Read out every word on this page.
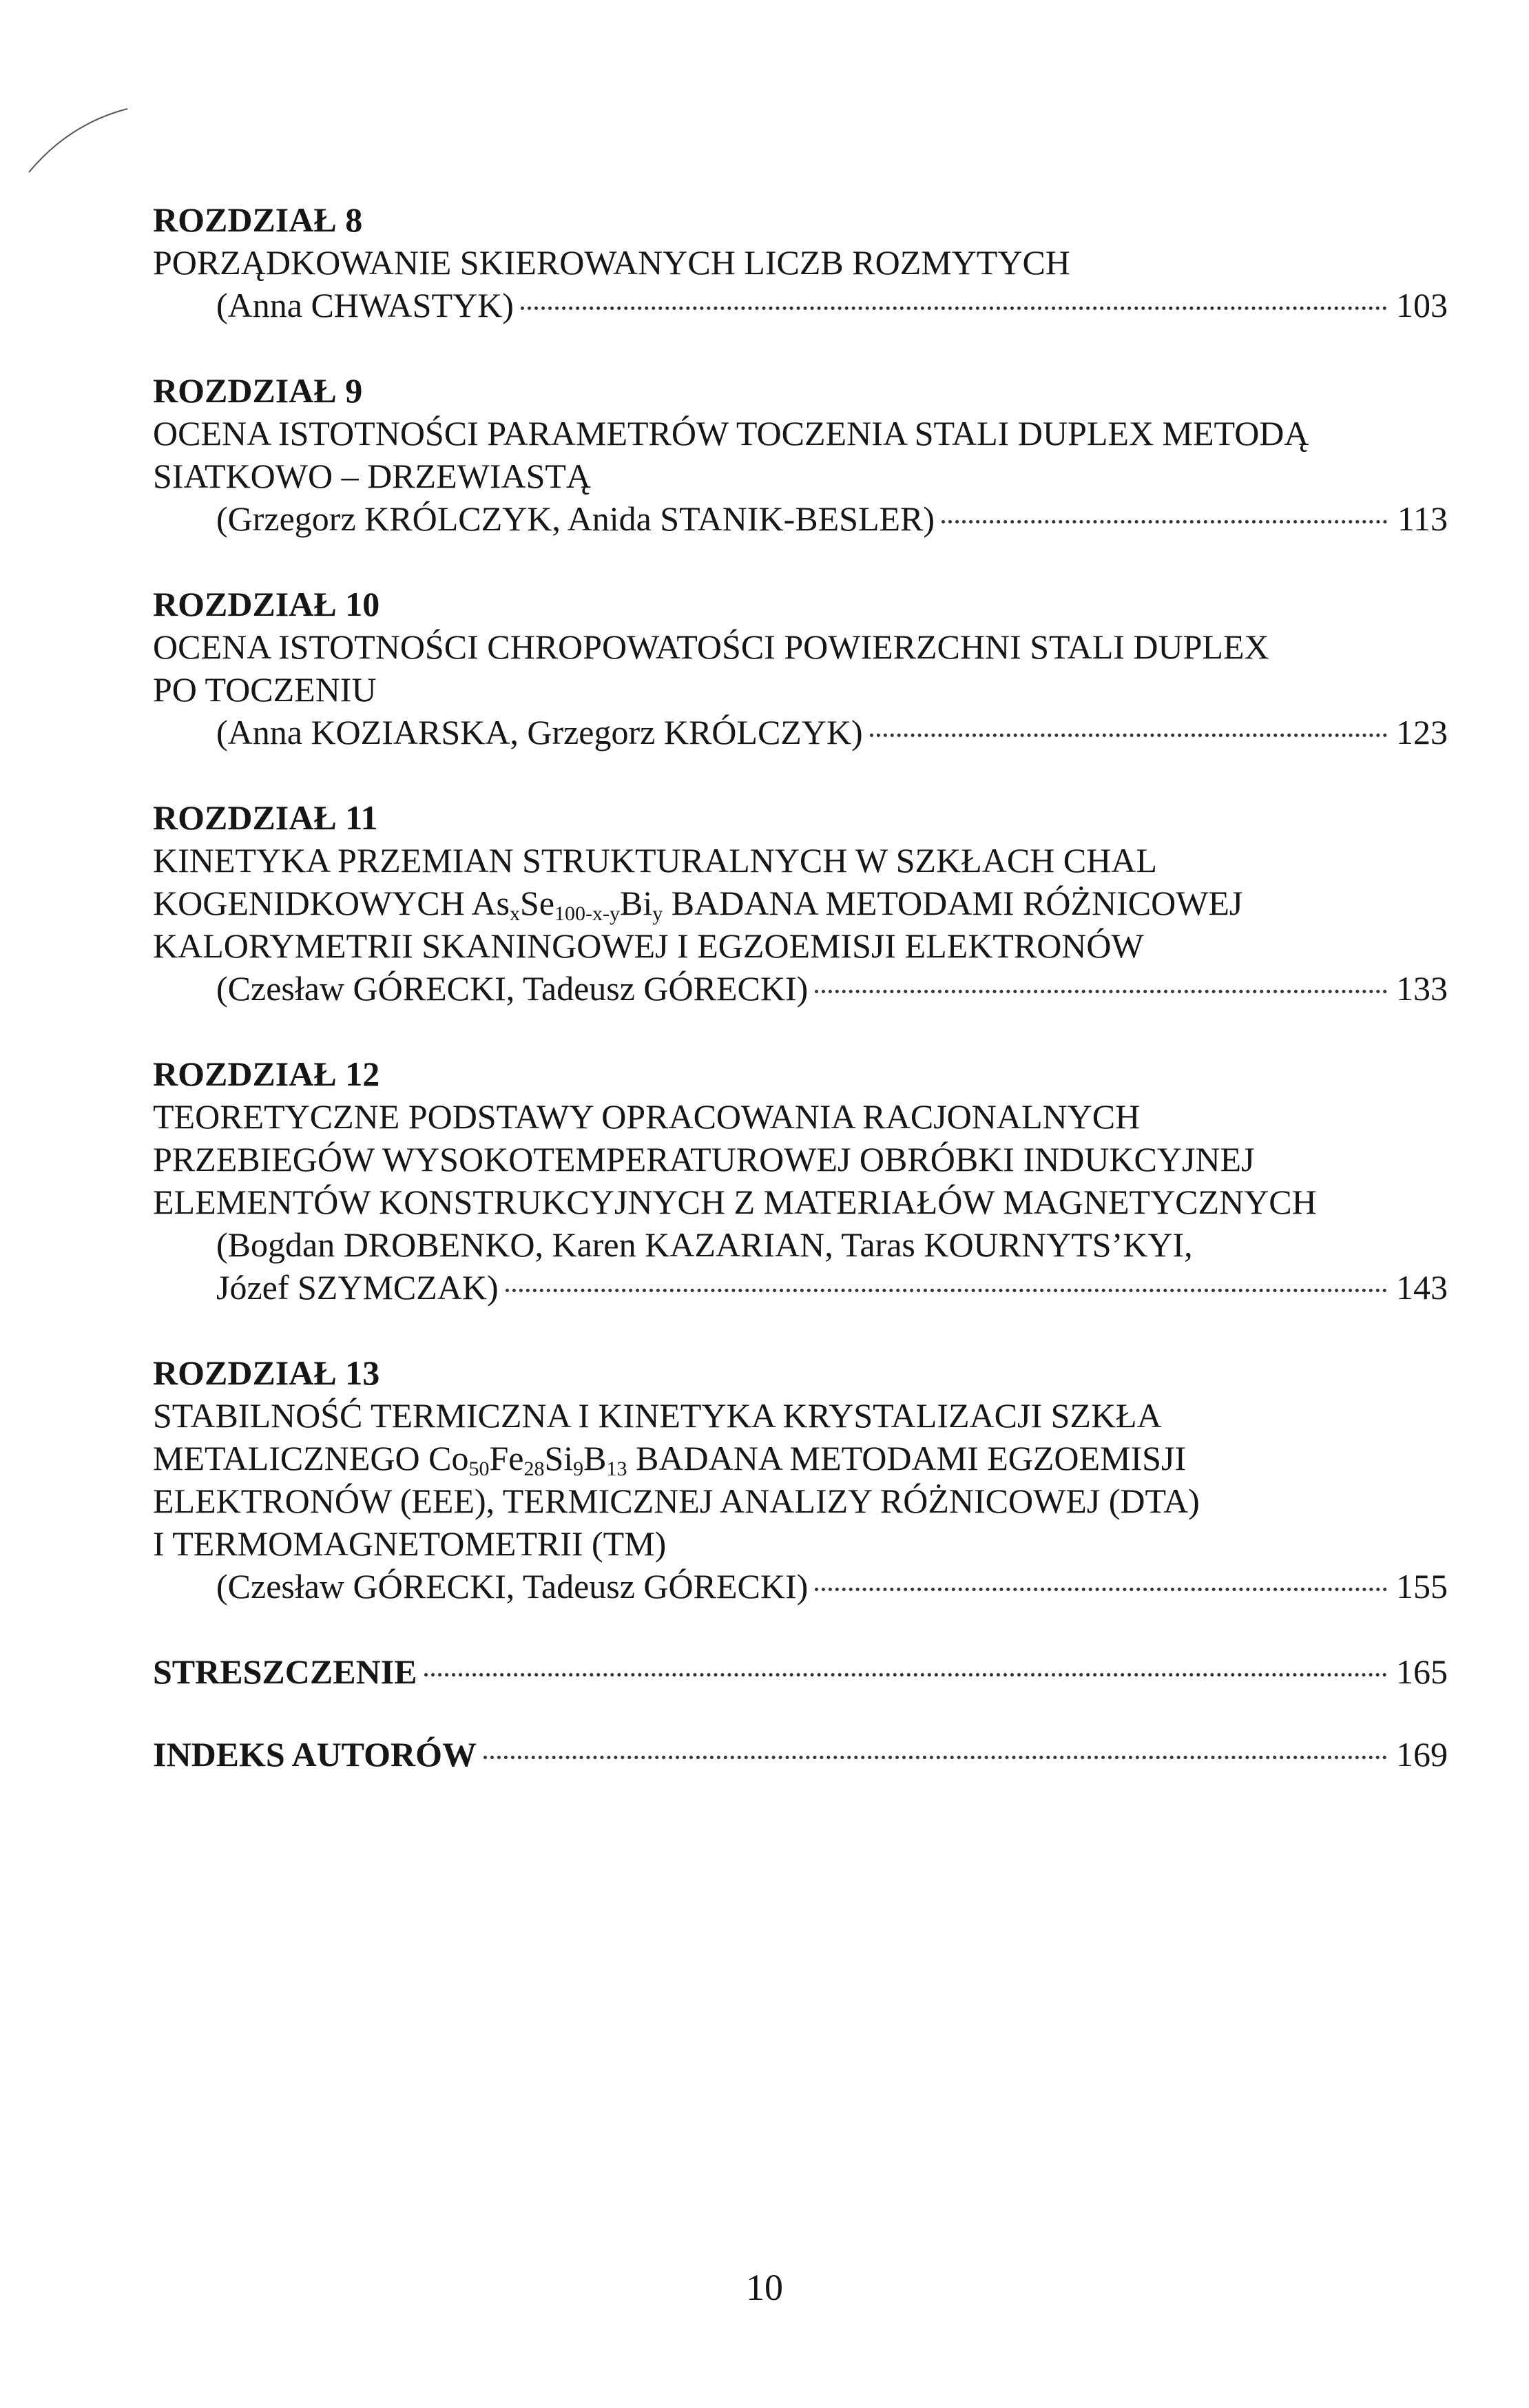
ROZDZIAŁ 8
PORZĄDKOWANIE SKIEROWANYCH LICZB ROZMYTYCH
(Anna CHWASTYK)	103
ROZDZIAŁ 9
OCENA ISTOTNOŚCI PARAMETRÓW TOCZENIA STALI DUPLEX METODĄ
SIATKOWO – DRZEWIASTĄ
(Grzegorz KRÓLCZYK, Anida STANIK-BESLER)	113
ROZDZIAŁ 10
OCENA ISTOTNOŚCI CHROPOWATOŚCI POWIERZCHNI STALI DUPLEX
PO TOCZENIU
(Anna KOZIARSKA, Grzegorz KRÓLCZYK)	123
ROZDZIAŁ 11
KINETYKA PRZEMIAN STRUKTURALNYCH W SZKŁACH CHAL
KOGENIDKOWYCH $As_xSe_{100-x-y}Bi_y$ BADANA METODAMI RÓŻNICOWEJ
KALORYMETRII SKANINGOWEJ I EGZOEMISJI ELEKTRONÓW
(Czesław GÓRECKI, Tadeusz GÓRECKI)	133
ROZDZIAŁ 12
TEORETYCZNE PODSTAWY OPRACOWANIA RACJONALNYCH
PRZEBIEGÓW WYSOKOTEMPERATUROWEJ OBRÓBKI INDUKCYJNEJ
ELEMENTÓW KONSTRUKCYJNYCH Z MATERIAŁÓW MAGNETYCZNYCH
(Bogdan DROBENKO, Karen KAZARIAN, Taras KOURNYTS’KYI,
Józef SZYMCZAK)	143
ROZDZIAŁ 13
STABILNOŚĆ TERMICZNA I KINETYKA KRYSTALIZACJI SZKŁA
METALICZNEGO $Co_{50}Fe_{28}Si_9B_{13}$ BADANA METODAMI EGZOEMISJI
ELEKTRONÓW (EEE), TERMICZNEJ ANALIZY RÓŻNICOWEJ (DTA)
I TERMOMAGNETOMETRII (TM)
(Czesław GÓRECKI, Tadeusz GÓRECKI)	155
STRESZCZENIE	165
INDEKS AUTORÓW	169
10
